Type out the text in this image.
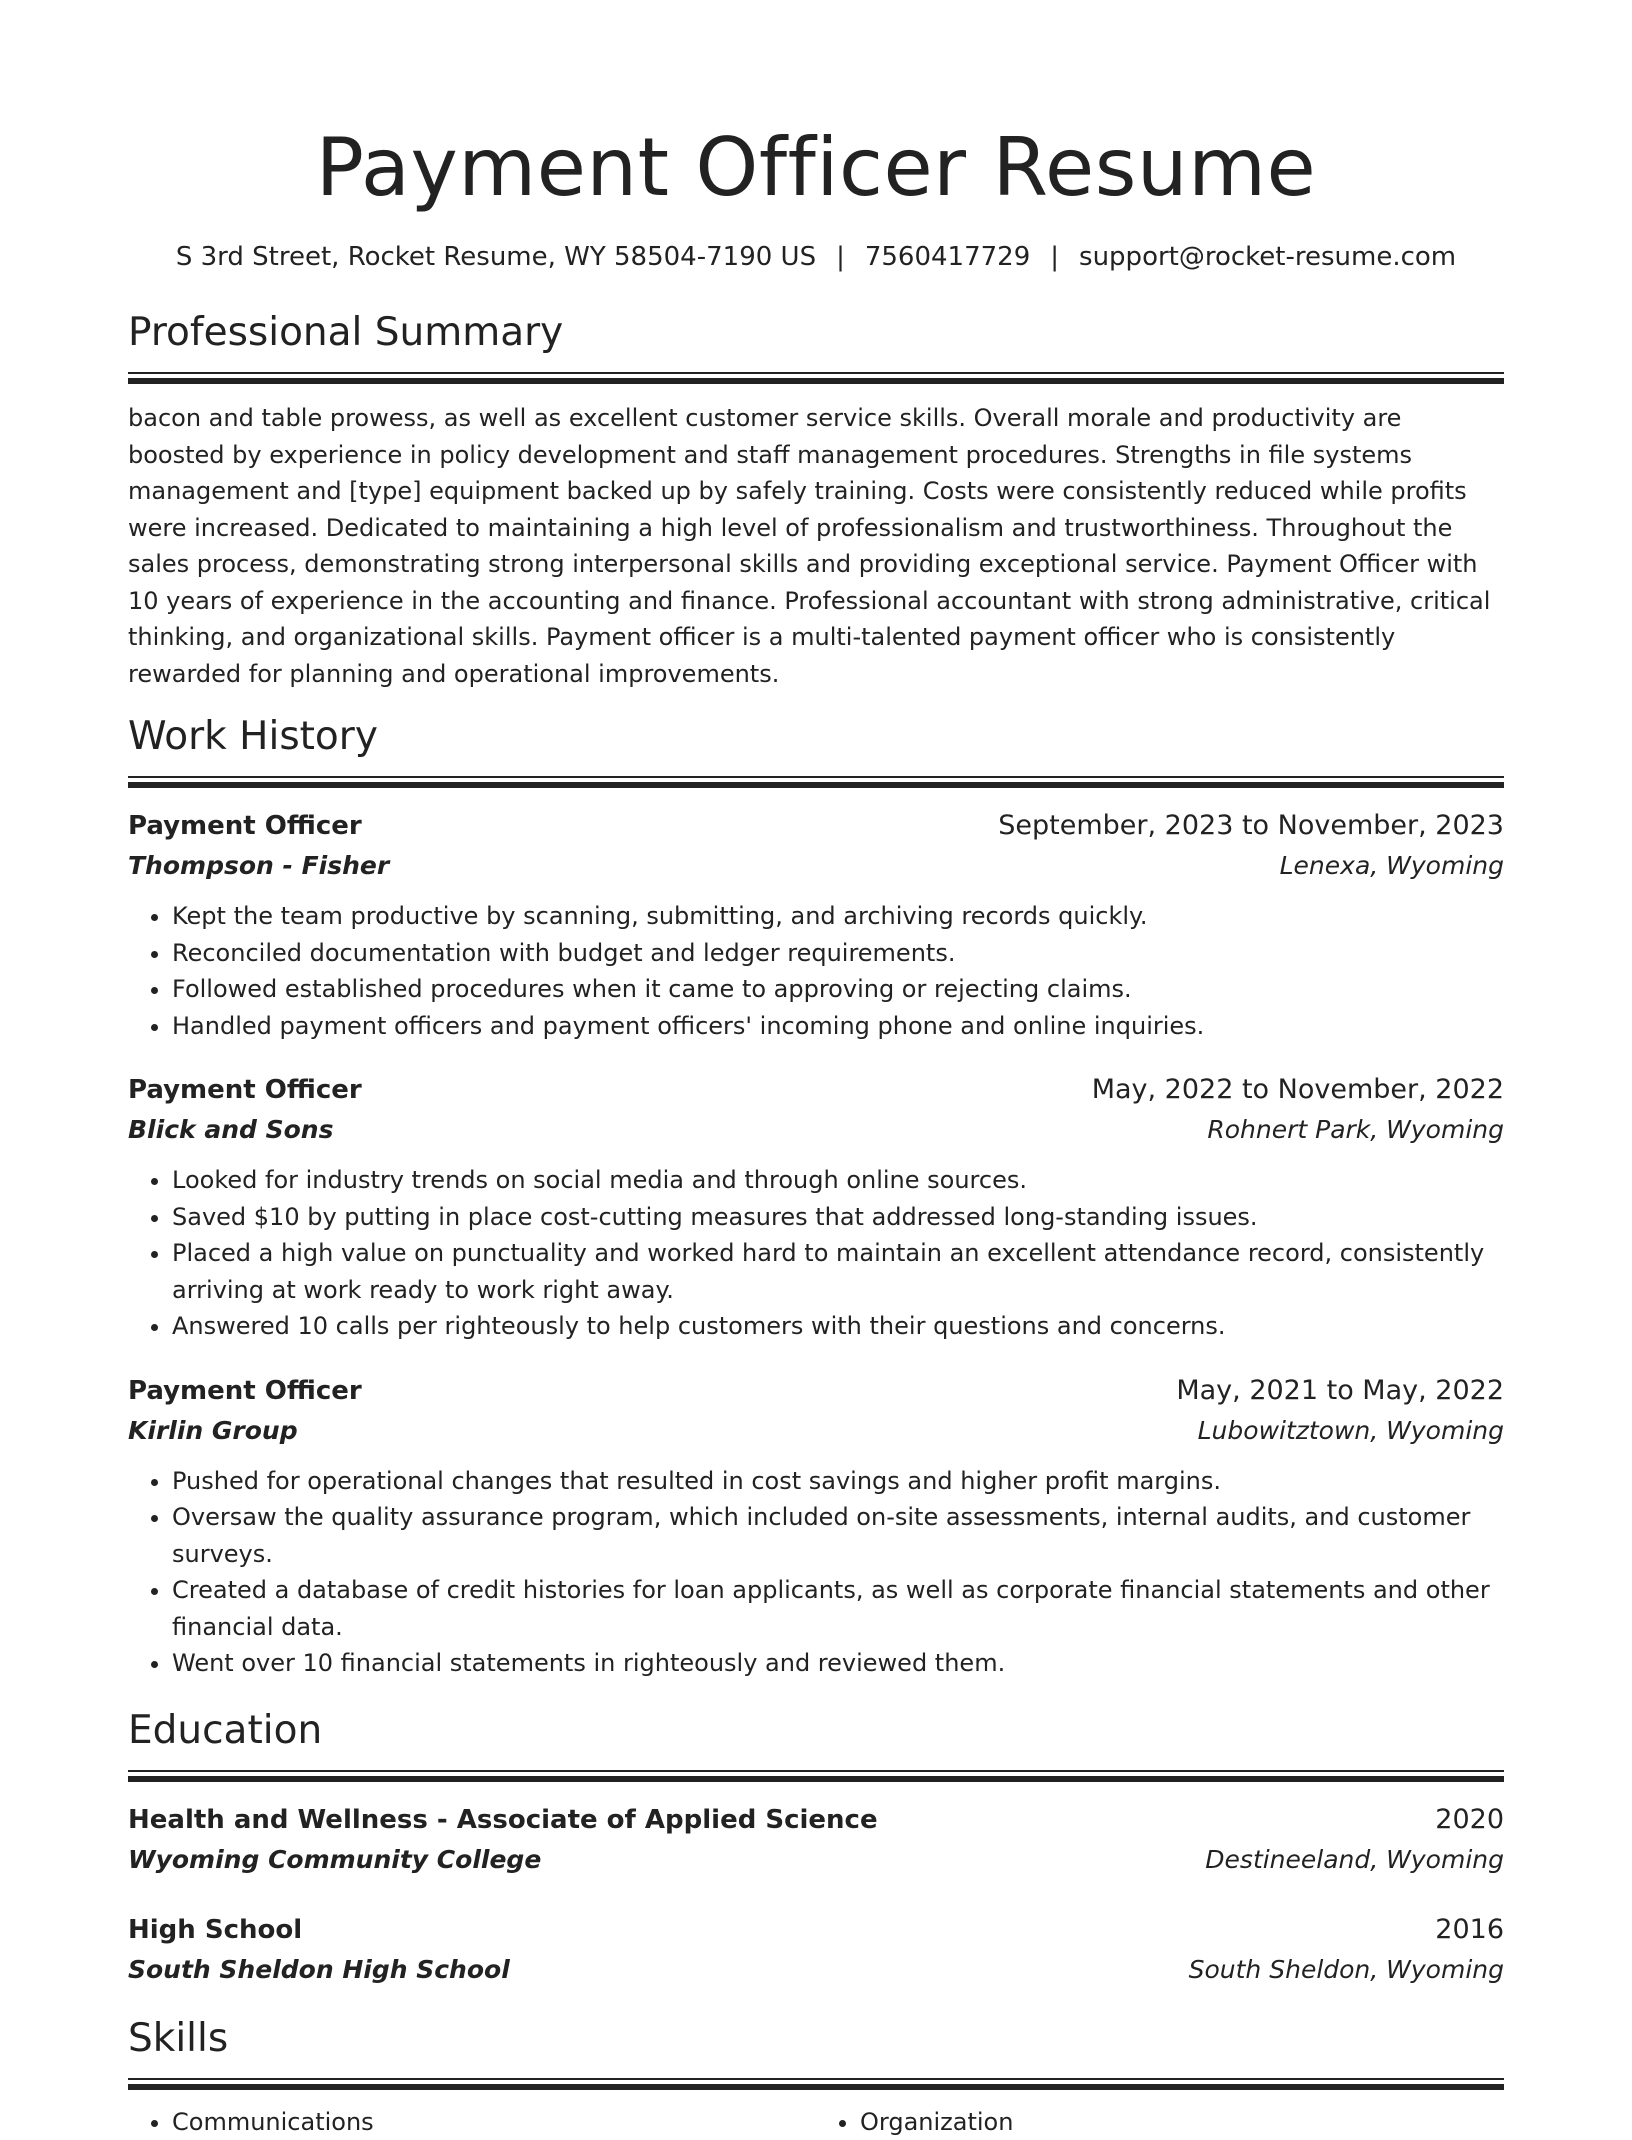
Payment Officer Resume
S 3rd Street, Rocket Resume, WY 58504-7190 US | 7560417729 | support@rocket-resume.com
Professional Summary

bacon and table prowess, as well as excellent customer service skills. Overall morale and productivity are boosted by experience in policy development and staff management procedures. Strengths in file systems management and [type] equipment backed up by safely training. Costs were consistently reduced while profits were increased. Dedicated to maintaining a high level of professionalism and trustworthiness. Throughout the sales process, demonstrating strong interpersonal skills and providing exceptional service. Payment Officer with 10 years of experience in the accounting and finance. Professional accountant with strong administrative, critical thinking, and organizational skills. Payment officer is a multi-talented payment officer who is consistently rewarded for planning and operational improvements.

Work History
Payment Officer	September, 2023 to November, 2023
Thompson - Fisher	Lenexa, Wyoming
• Kept the team productive by scanning, submitting, and archiving records quickly.
• Reconciled documentation with budget and ledger requirements.
• Followed established procedures when it came to approving or rejecting claims.
• Handled payment officers and payment officers' incoming phone and online inquiries.
Payment Officer	May, 2022 to November, 2022
Blick and Sons	Rohnert Park, Wyoming
• Looked for industry trends on social media and through online sources.
• Saved $10 by putting in place cost-cutting measures that addressed long-standing issues.
• Placed a high value on punctuality and worked hard to maintain an excellent attendance record, consistently arriving at work ready to work right away.
• Answered 10 calls per righteously to help customers with their questions and concerns.
Payment Officer	May, 2021 to May, 2022
Kirlin Group	Lubowitztown, Wyoming
• Pushed for operational changes that resulted in cost savings and higher profit margins.
• Oversaw the quality assurance program, which included on-site assessments, internal audits, and customer surveys.
• Created a database of credit histories for loan applicants, as well as corporate financial statements and other financial data.
• Went over 10 financial statements in righteously and reviewed them.
Education
Health and Wellness - Associate of Applied Science	2020
Wyoming Community College	Destineeland, Wyoming
High School	2016
South Sheldon High School	South Sheldon, Wyoming
Skills
• Communications
•	Organization
